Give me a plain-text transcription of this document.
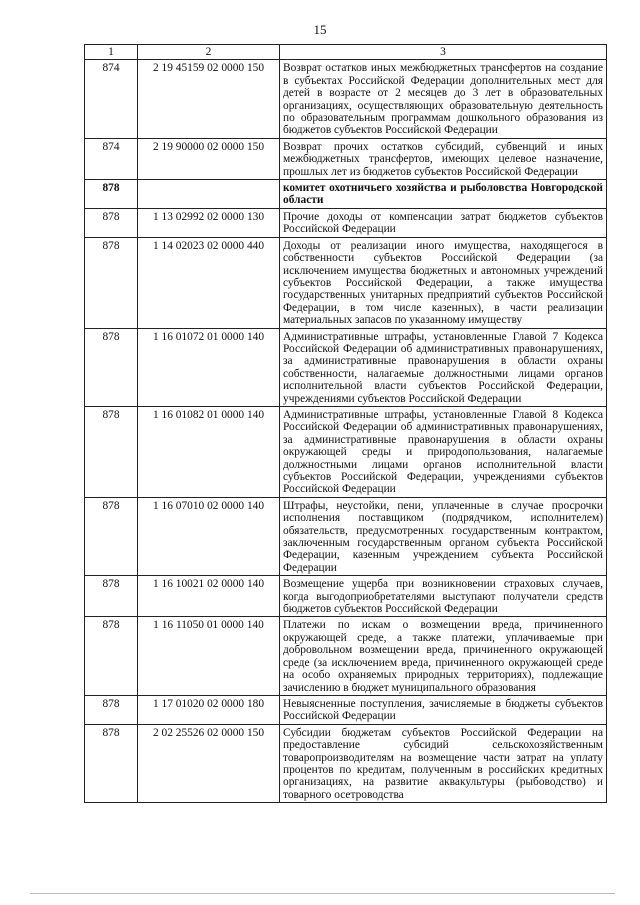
15
1	2	3
874	2 19 45159 02 0000 150	Возврат остатков иных межбюджетных трансфертов на создание в субъектах Российской Федерации дополнительных мест для детей в возрасте от 2 месяцев до 3 лет в образовательных организациях, осуществляющих образовательную деятельность по образовательным программам дошкольного образования из бюджетов субъектов Российской Федерации
874	2 19 90000 02 0000 150	Возврат прочих остатков субсидий, субвенций и иных межбюджетных трансфертов, имеющих целевое назначение, прошлых лет из бюджетов субъектов Российской Федерации
878		комитет охотничьего хозяйства и рыболовства Новгородской области
878	1 13 02992 02 0000 130	Прочие доходы от компенсации затрат бюджетов субъектов Российской Федерации
878	1 14 02023 02 0000 440	Доходы от реализации иного имущества, находящегося в собственности субъектов Российской Федерации (за исключением имущества бюджетных и автономных учреждений субъектов Российской Федерации, а также имущества государственных унитарных предприятий субъектов Российской Федерации, в том числе казенных), в части реализации материальных запасов по указанному имуществу
878	1 16 01072 01 0000 140	Административные штрафы, установленные Главой 7 Кодекса Российской Федерации об административных правонарушениях, за административные правонарушения в области охраны собственности, налагаемые должностными лицами органов исполнительной власти субъектов Российской Федерации, учреждениями субъектов Российской Федерации
878	1 16 01082 01 0000 140	Административные штрафы, установленные Главой 8 Кодекса Российской Федерации об административных правонарушениях, за административные правонарушения в области охраны окружающей среды и природопользования, налагаемые должностными лицами органов исполнительной власти субъектов Российской Федерации, учреждениями субъектов Российской Федерации
878	1 16 07010 02 0000 140	Штрафы, неустойки, пени, уплаченные в случае просрочки исполнения поставщиком (подрядчиком, исполнителем) обязательств, предусмотренных государственным контрактом, заключенным государственным органом субъекта Российской Федерации, казенным учреждением субъекта Российской Федерации
878	1 16 10021 02 0000 140	Возмещение ущерба при возникновении страховых случаев, когда выгодоприобретателями выступают получатели средств бюджетов субъектов Российской Федерации
878	1 16 11050 01 0000 140	Платежи по искам о возмещении вреда, причиненного окружающей среде, а также платежи, уплачиваемые при добровольном возмещении вреда, причиненного окружающей среде (за исключением вреда, причиненного окружающей среде на особо охраняемых природных территориях), подлежащие зачислению в бюджет муниципального образования
878	1 17 01020 02 0000 180	Невыясненные поступления, зачисляемые в бюджеты субъектов Российской Федерации
878	2 02 25526 02 0000 150	Субсидии бюджетам субъектов Российской Федерации на предоставление субсидий сельскохозяйственным товаропроизводителям на возмещение части затрат на уплату процентов по кредитам, полученным в российских кредитных организациях, на развитие аквакультуры (рыбоводство) и товарного осетроводства
